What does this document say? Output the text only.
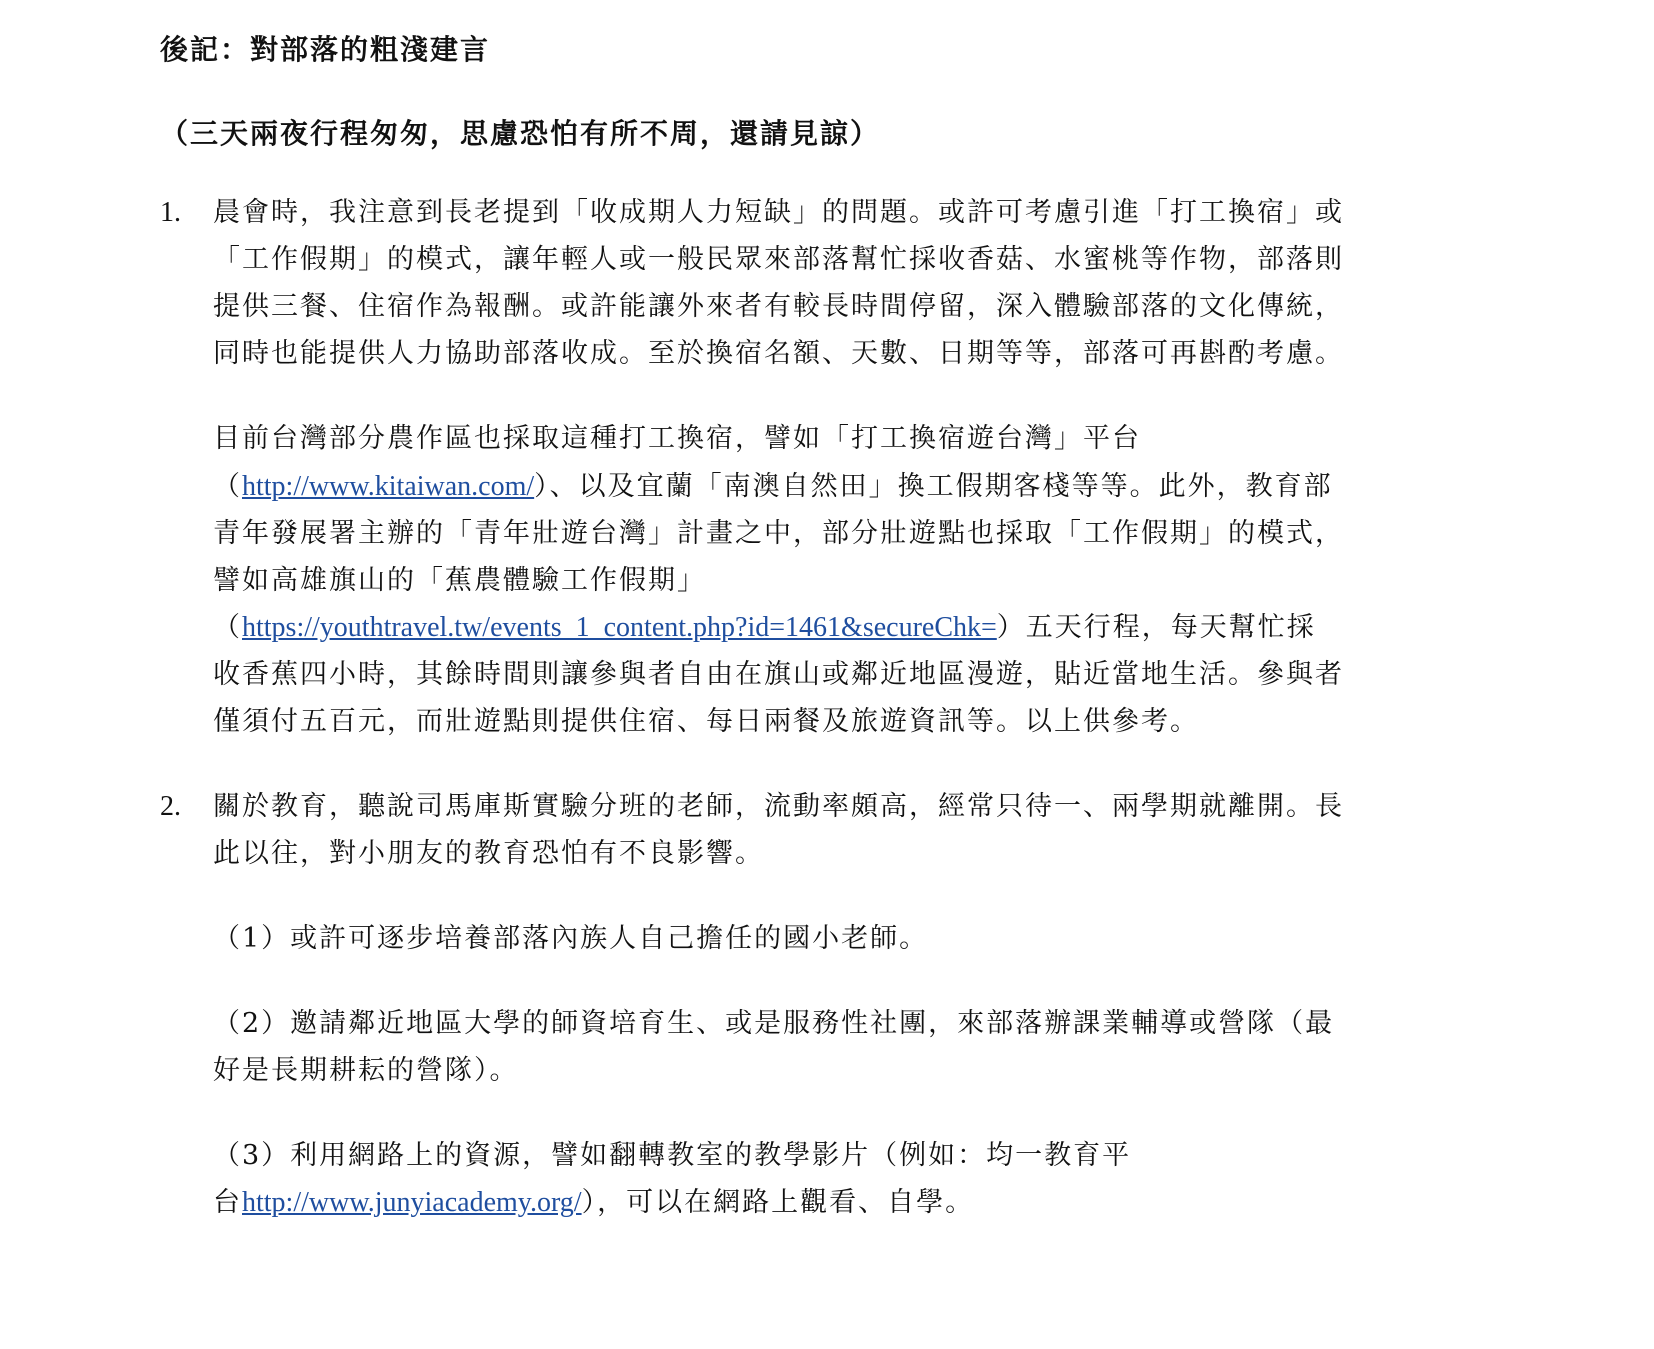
後記：對部落的粗淺建言
（三天兩夜行程匆匆，思慮恐怕有所不周，還請見諒）
1. 晨會時，我注意到長老提到「收成期人力短缺」的問題。或許可考慮引進「打工換宿」或
「工作假期」的模式，讓年輕人或一般民眾來部落幫忙採收香菇、水蜜桃等作物，部落則
提供三餐、住宿作為報酬。或許能讓外來者有較長時間停留，深入體驗部落的文化傳統，
同時也能提供人力協助部落收成。至於換宿名額、天數、日期等等，部落可再斟酌考慮。
目前台灣部分農作區也採取這種打工換宿，譬如「打工換宿遊台灣」平台
（http://www.kitaiwan.com/）、以及宜蘭「南澳自然田」換工假期客棧等等。此外，教育部
青年發展署主辦的「青年壯遊台灣」計畫之中，部分壯遊點也採取「工作假期」的模式，
譬如高雄旗山的「蕉農體驗工作假期」
（https://youthtravel.tw/events_1_content.php?id=1461&secureChk=）五天行程，每天幫忙採
收香蕉四小時，其餘時間則讓參與者自由在旗山或鄰近地區漫遊，貼近當地生活。參與者
僅須付五百元，而壯遊點則提供住宿、每日兩餐及旅遊資訊等。以上供參考。
2. 關於教育，聽說司馬庫斯實驗分班的老師，流動率頗高，經常只待一、兩學期就離開。長
此以往，對小朋友的教育恐怕有不良影響。
（1）或許可逐步培養部落內族人自己擔任的國小老師。
（2）邀請鄰近地區大學的師資培育生、或是服務性社團，來部落辦課業輔導或營隊（最
好是長期耕耘的營隊）。
（3）利用網路上的資源，譬如翻轉教室的教學影片（例如：均一教育平
台http://www.junyiacademy.org/），可以在網路上觀看、自學。
